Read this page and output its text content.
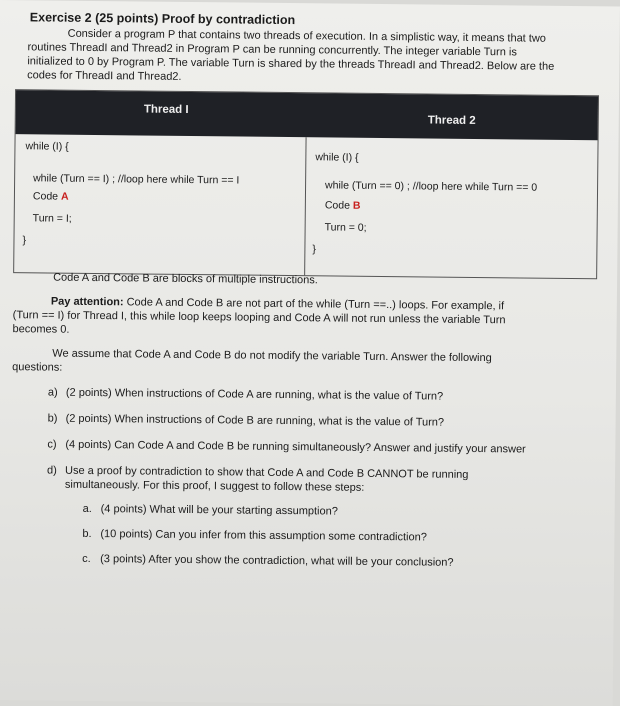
Exercise 2 (25 points) Proof by contradiction
Consider a program P that contains two threads of execution. In a simplistic way, it means that two
routines ThreadI and Thread2 in Program P can be running concurrently. The integer variable Turn is
initialized to 0 by Program P. The variable Turn is shared by the threads ThreadI and Thread2. Below are the
codes for ThreadI and Thread2.
Thread I
Thread 2
while (I) {
while (Turn == I) ; //loop here while Turn == I
Code A
Turn = I;
}
while (I) {
while (Turn == 0) ; //loop here while Turn == 0
Code B
Turn = 0;
}
Code A and Code B are blocks of multiple instructions.
Pay attention: Code A and Code B are not part of the while (Turn ==..) loops. For example, if
(Turn == I) for Thread I, this while loop keeps looping and Code A will not run unless the variable Turn
becomes 0.
We assume that Code A and Code B do not modify the variable Turn. Answer the following
questions:
a) (2 points) When instructions of Code A are running, what is the value of Turn?
b) (2 points) When instructions of Code B are running, what is the value of Turn?
c) (4 points) Can Code A and Code B be running simultaneously? Answer and justify your answer
d) Use a proof by contradiction to show that Code A and Code B CANNOT be running
simultaneously. For this proof, I suggest to follow these steps:
a. (4 points) What will be your starting assumption?
b. (10 points) Can you infer from this assumption some contradiction?
c. (3 points) After you show the contradiction, what will be your conclusion?
